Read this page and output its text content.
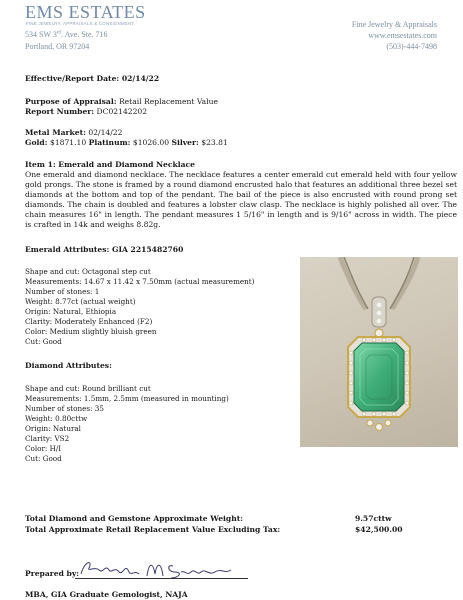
EMS ESTATES
FINE JEWELRY, APPRAISALS & CONSIGNMENT
534 SW 3rd. Ave. Ste. 716
Portland, OR 97204
Fine Jewelry & Appraisals
www.emsestates.com
(503)-444-7498
Effective/Report Date: 02/14/22
Purpose of Appraisal: Retail Replacement Value
Report Number: DC02142202
Metal Market: 02/14/22
Gold: $1871.10 Platinum: $1026.00 Silver: $23.81
Item 1: Emerald and Diamond Necklace
One emerald and diamond necklace. The necklace features a center emerald cut emerald held with four yellow gold prongs. The stone is framed by a round diamond encrusted halo that features an additional three bezel set diamonds at the bottom and top of the pendant. The bail of the piece is also encrusted with round prong set diamonds. The chain is doubled and features a lobster claw clasp. The necklace is highly polished all over. The chain measures 16" in length. The pendant measures 1 5/16" in length and is 9/16" across in width. The piece is crafted in 14k and weighs 8.82g.
Emerald Attributes: GIA 2215482760
Shape and cut: Octagonal step cut
Measurements: 14.67 x 11.42 x 7.50mm (actual measurement)
Number of stones: 1
Weight: 8.77ct (actual weight)
Origin: Natural, Ethiopia
Clarity: Moderately Enhanced (F2)
Color: Medium slightly bluish green
Cut: Good
Diamond Attributes:
Shape and cut: Round brilliant cut
Measurements: 1.5mm, 2.5mm (measured in mounting)
Number of stones: 35
Weight: 0.80cttw
Origin: Natural
Clarity: VS2
Color: H/I
Cut: Good
Total Diamond and Gemstone Approximate Weight:	9.57cttw
Total Approximate Retail Replacement Value Excluding Tax:	$42,500.00
Prepared by:
MBA, GIA Graduate Gemologist, NAJA
